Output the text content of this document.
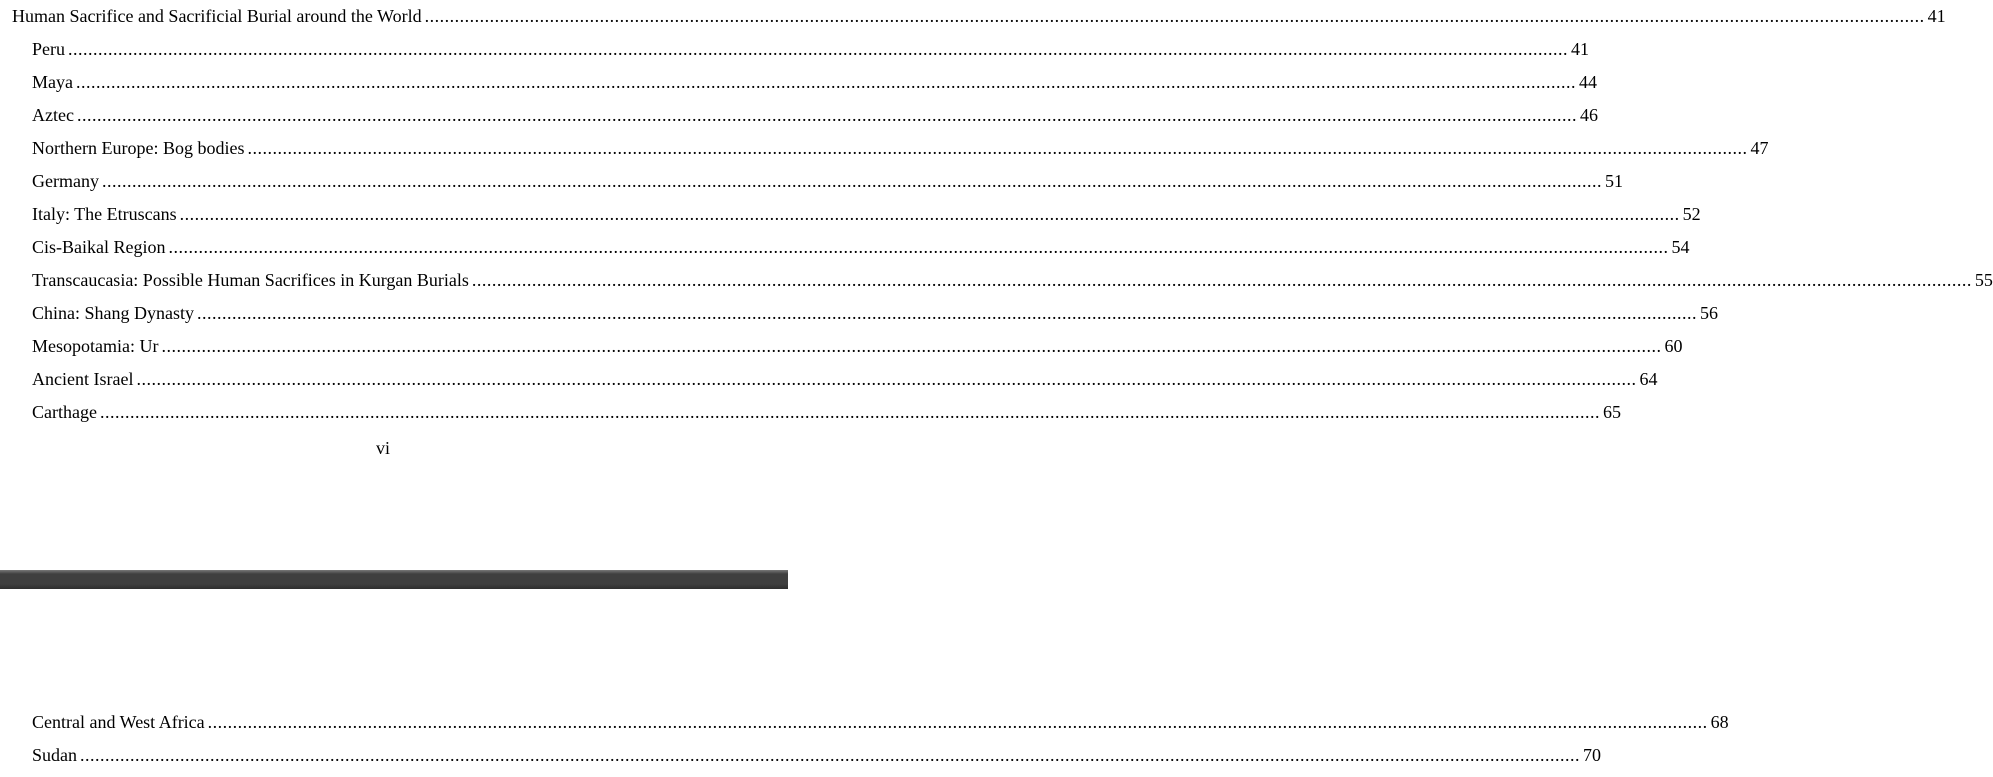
Human Sacrifice and Sacrificial Burial around the World ............................................................................................................................................................................................................................................................................................................ 41
Peru ............................................................................................................................................................................................................................................................................................................ 41
Maya ............................................................................................................................................................................................................................................................................................................ 44
Aztec ............................................................................................................................................................................................................................................................................................................ 46
Northern Europe: Bog bodies ............................................................................................................................................................................................................................................................................................................ 47
Germany ............................................................................................................................................................................................................................................................................................................ 51
Italy: The Etruscans ............................................................................................................................................................................................................................................................................................................ 52
Cis-Baikal Region ............................................................................................................................................................................................................................................................................................................ 54
Transcaucasia: Possible Human Sacrifices in Kurgan Burials ............................................................................................................................................................................................................................................................................................................ 55
China: Shang Dynasty ............................................................................................................................................................................................................................................................................................................ 56
Mesopotamia: Ur ............................................................................................................................................................................................................................................................................................................ 60
Ancient Israel ............................................................................................................................................................................................................................................................................................................ 64
Carthage ............................................................................................................................................................................................................................................................................................................ 65
vi
Central and West Africa ............................................................................................................................................................................................................................................................................................................ 68
Sudan ............................................................................................................................................................................................................................................................................................................ 70
